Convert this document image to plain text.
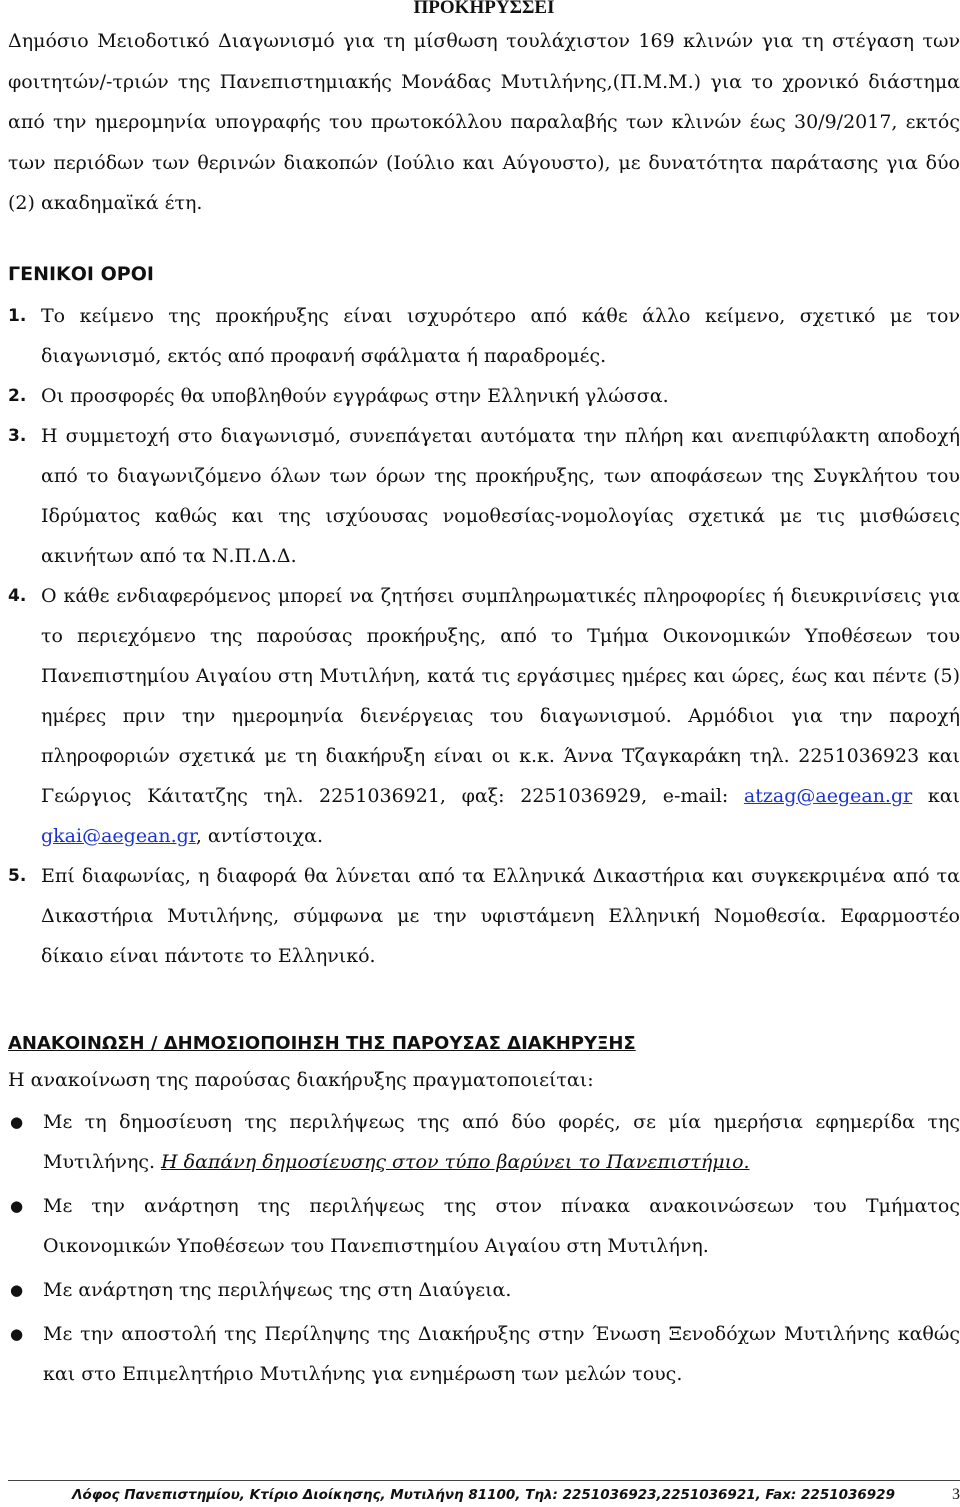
ΠΡΟΚΗΡΥΣΣΕΙ

Δημόσιο Μειοδοτικό Διαγωνισμό για τη μίσθωση τουλάχιστον 169 κλινών για τη στέγαση των φοιτητών/-τριών της Πανεπιστημιακής Μονάδας Μυτιλήνης,(Π.Μ.Μ.) για το χρονικό διάστημα από την ημερομηνία υπογραφής του πρωτοκόλλου παραλαβής των κλινών έως 30/9/2017, εκτός των περιόδων των θερινών διακοπών (Ιούλιο και Αύγουστο), με δυνατότητα παράτασης για δύο (2) ακαδημαϊκά έτη.

ΓΕΝΙΚΟΙ ΟΡΟΙ

1. Το κείμενο της προκήρυξης είναι ισχυρότερο από κάθε άλλο κείμενο, σχετικό με τον διαγωνισμό, εκτός από προφανή σφάλματα ή παραδρομές.
2. Οι προσφορές θα υποβληθούν εγγράφως στην Ελληνική γλώσσα.
3. Η συμμετοχή στο διαγωνισμό, συνεπάγεται αυτόματα την πλήρη και ανεπιφύλακτη αποδοχή από το διαγωνιζόμενο όλων των όρων της προκήρυξης, των αποφάσεων της Συγκλήτου του Ιδρύματος καθώς και της ισχύουσας νομοθεσίας-νομολογίας σχετικά με τις μισθώσεις ακινήτων από τα Ν.Π.Δ.Δ.
4. Ο κάθε ενδιαφερόμενος μπορεί να ζητήσει συμπληρωματικές πληροφορίες ή διευκρινίσεις για το περιεχόμενο της παρούσας προκήρυξης, από το Τμήμα Οικονομικών Υποθέσεων του Πανεπιστημίου Αιγαίου στη Μυτιλήνη, κατά τις εργάσιμες ημέρες και ώρες, έως και πέντε (5) ημέρες πριν την ημερομηνία διενέργειας του διαγωνισμού. Αρμόδιοι για την παροχή πληροφοριών σχετικά με τη διακήρυξη είναι οι κ.κ. Άννα Τζαγκαράκη τηλ. 2251036923 και Γεώργιος Κάιτατζης τηλ. 2251036921, φαξ: 2251036929, e-mail: atzag@aegean.gr και gkai@aegean.gr, αντίστοιχα.
5. Επί διαφωνίας, η διαφορά θα λύνεται από τα Ελληνικά Δικαστήρια και συγκεκριμένα από τα Δικαστήρια Μυτιλήνης, σύμφωνα με την υφιστάμενη Ελληνική Νομοθεσία. Εφαρμοστέο δίκαιο είναι πάντοτε το Ελληνικό.

ΑΝΑΚΟΙΝΩΣΗ / ΔΗΜΟΣΙΟΠΟΙΗΣΗ ΤΗΣ ΠΑΡΟΥΣΑΣ ΔΙΑΚΗΡΥΞΗΣ

Η ανακοίνωση της παρούσας διακήρυξης πραγματοποιείται:

●	Με τη δημοσίευση της περιλήψεως της από δύο φορές, σε μία ημερήσια εφημερίδα της Μυτιλήνης. Η δαπάνη δημοσίευσης στον τύπο βαρύνει το Πανεπιστήμιο.
●	Με την ανάρτηση της περιλήψεως της στον πίνακα ανακοινώσεων του Τμήματος Οικονομικών Υποθέσεων του Πανεπιστημίου Αιγαίου στη Μυτιλήνη.
●	Με ανάρτηση της περιλήψεως της στη Διαύγεια.
●	Με την αποστολή της Περίληψης της Διακήρυξης στην Ένωση Ξενοδόχων Μυτιλήνης καθώς και στο Επιμελητήριο Μυτιλήνης για ενημέρωση των μελών τους.
Λόφος Πανεπιστημίου, Κτίριο Διοίκησης, Μυτιλήνη 81100, Τηλ: 2251036923,2251036921, Fax: 2251036929	3
